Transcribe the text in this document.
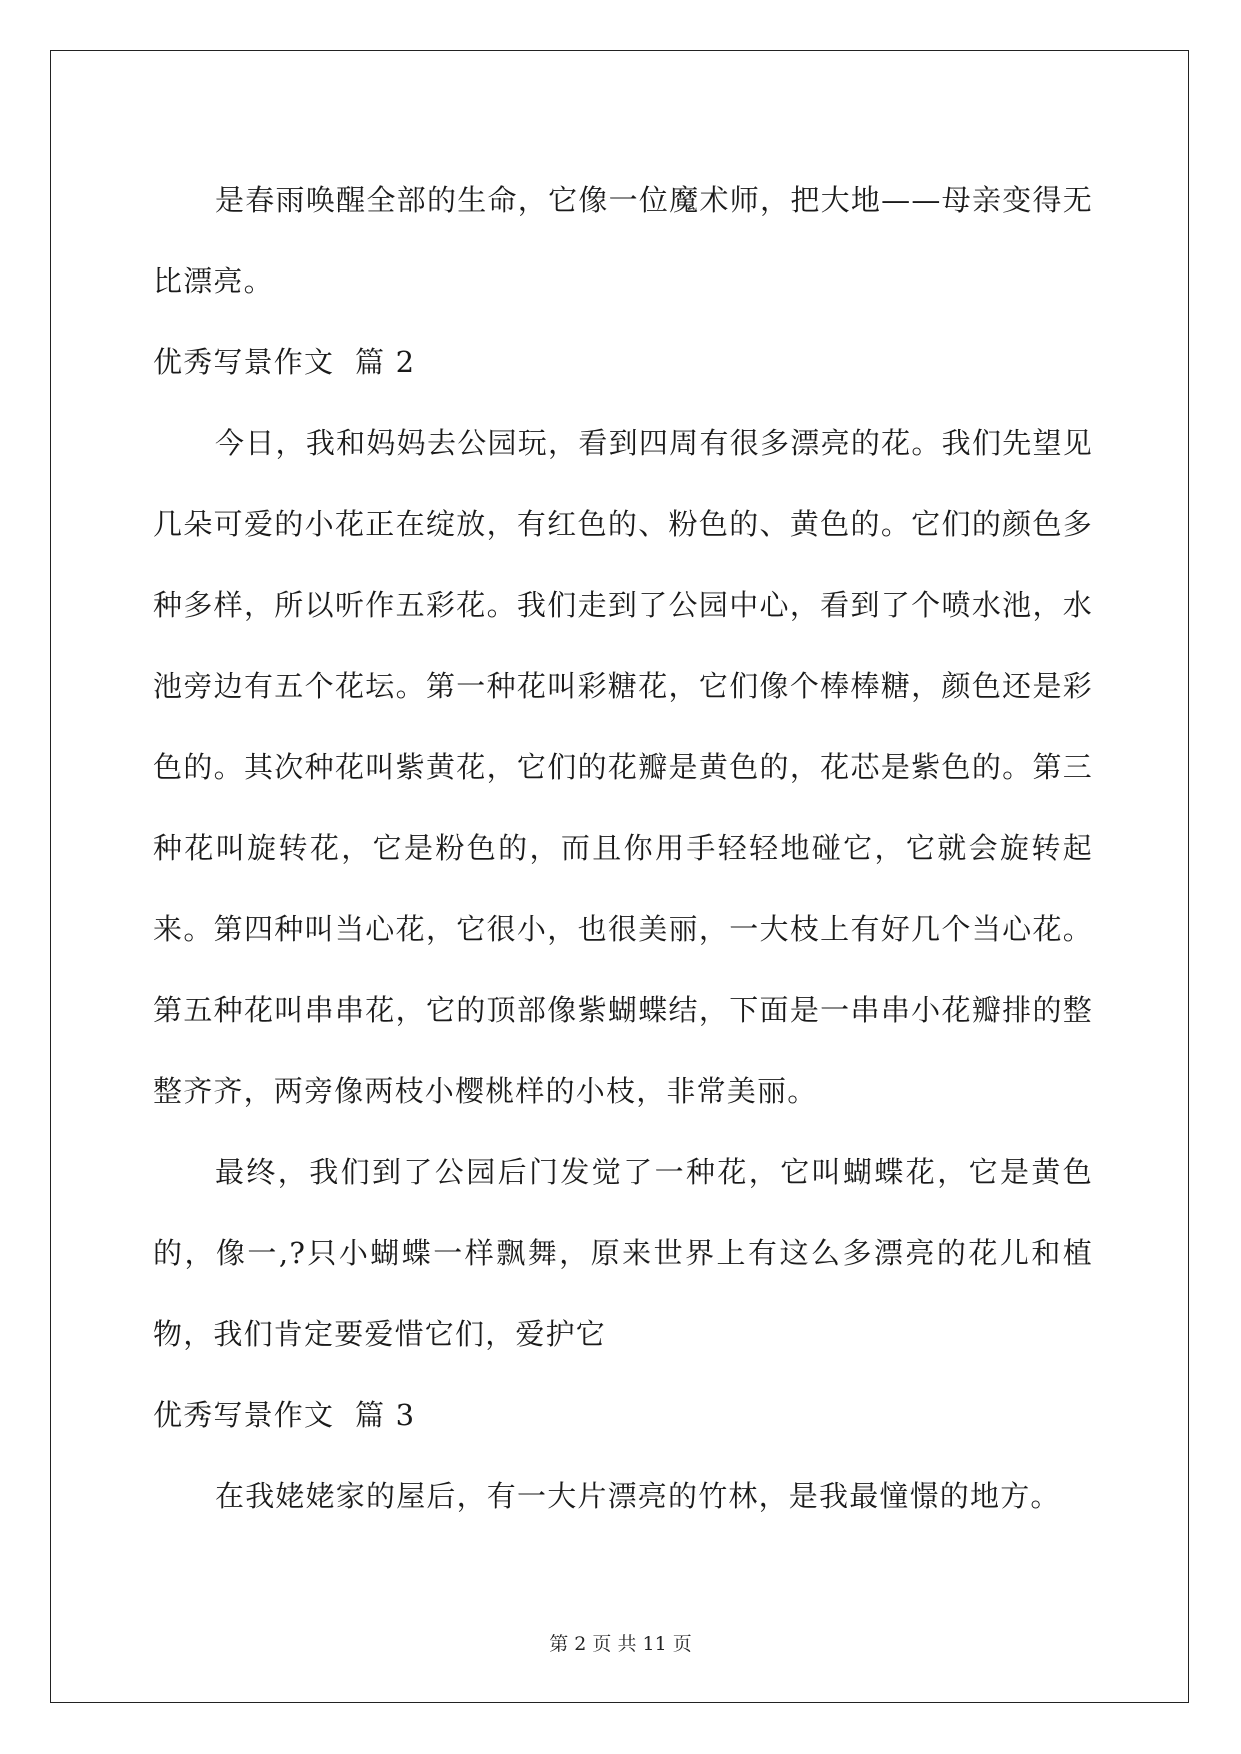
是春雨唤醒全部的生命，它像一位魔术师，把大地——母亲变得无比漂亮。

优秀写景作文  篇 2

今日，我和妈妈去公园玩，看到四周有很多漂亮的花。我们先望见几朵可爱的小花正在绽放，有红色的、粉色的、黄色的。它们的颜色多种多样，所以听作五彩花。我们走到了公园中心，看到了个喷水池，水池旁边有五个花坛。第一种花叫彩糖花，它们像个棒棒糖，颜色还是彩色的。其次种花叫紫黄花，它们的花瓣是黄色的，花芯是紫色的。第三种花叫旋转花，它是粉色的，而且你用手轻轻地碰它，它就会旋转起来。第四种叫当心花，它很小，也很美丽，一大枝上有好几个当心花。第五种花叫串串花，它的顶部像紫蝴蝶结，下面是一串串小花瓣排的整整齐齐，两旁像两枝小樱桃样的小枝，非常美丽。

最终，我们到了公园后门发觉了一种花，它叫蝴蝶花，它是黄色的，像一,?只小蝴蝶一样飘舞，原来世界上有这么多漂亮的花儿和植物，我们肯定要爱惜它们，爱护它

优秀写景作文  篇 3

在我姥姥家的屋后，有一大片漂亮的竹林，是我最憧憬的地方。

第 2 页 共 11 页
